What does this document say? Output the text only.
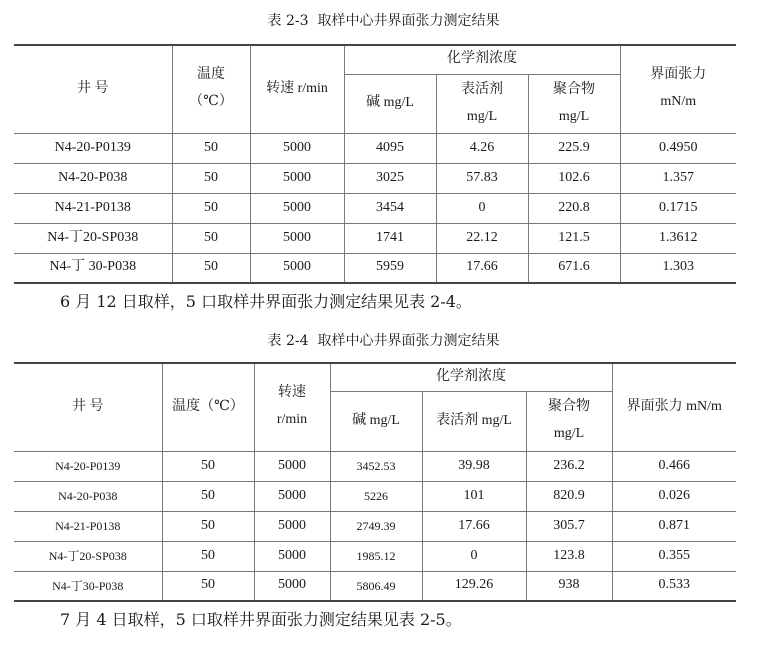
表 2-3  取样中心井界面张力测定结果
井 号	温度
（℃）	转速 r/min	化学剂浓度			界面张力
mN/m

			碱 mg/L	表活剂
mg/L	聚合物
mg/L	

N4-20-P0139	50	5000	4095	4.26	225.9	0.4950
N4-20-P038	50	5000	3025	57.83	102.6	1.357
N4-21-P0138	50	5000	3454	0	220.8	0.1715
N4-丁20-SP038	50	5000	1741	22.12	121.5	1.3612
N4-丁 30-P038	50	5000	5959	17.66	671.6	1.303
6 月 12 日取样，5 口取样井界面张力测定结果见表 2-4。
表 2-4  取样中心井界面张力测定结果
井 号	温度（℃）	转速
r/min	化学剂浓度			界面张力 mN/m
			碱 mg/L	表活剂 mg/L	聚合物
mg/L	

N4-20-P0139	50	5000	3452.53	39.98	236.2	0.466
N4-20-P038	50	5000	5226	101	820.9	0.026
N4-21-P0138	50	5000	2749.39	17.66	305.7	0.871
N4-丁20-SP038	50	5000	1985.12	0	123.8	0.355
N4-丁30-P038	50	5000	5806.49	129.26	938	0.533
7 月 4 日取样，5 口取样井界面张力测定结果见表 2-5。
